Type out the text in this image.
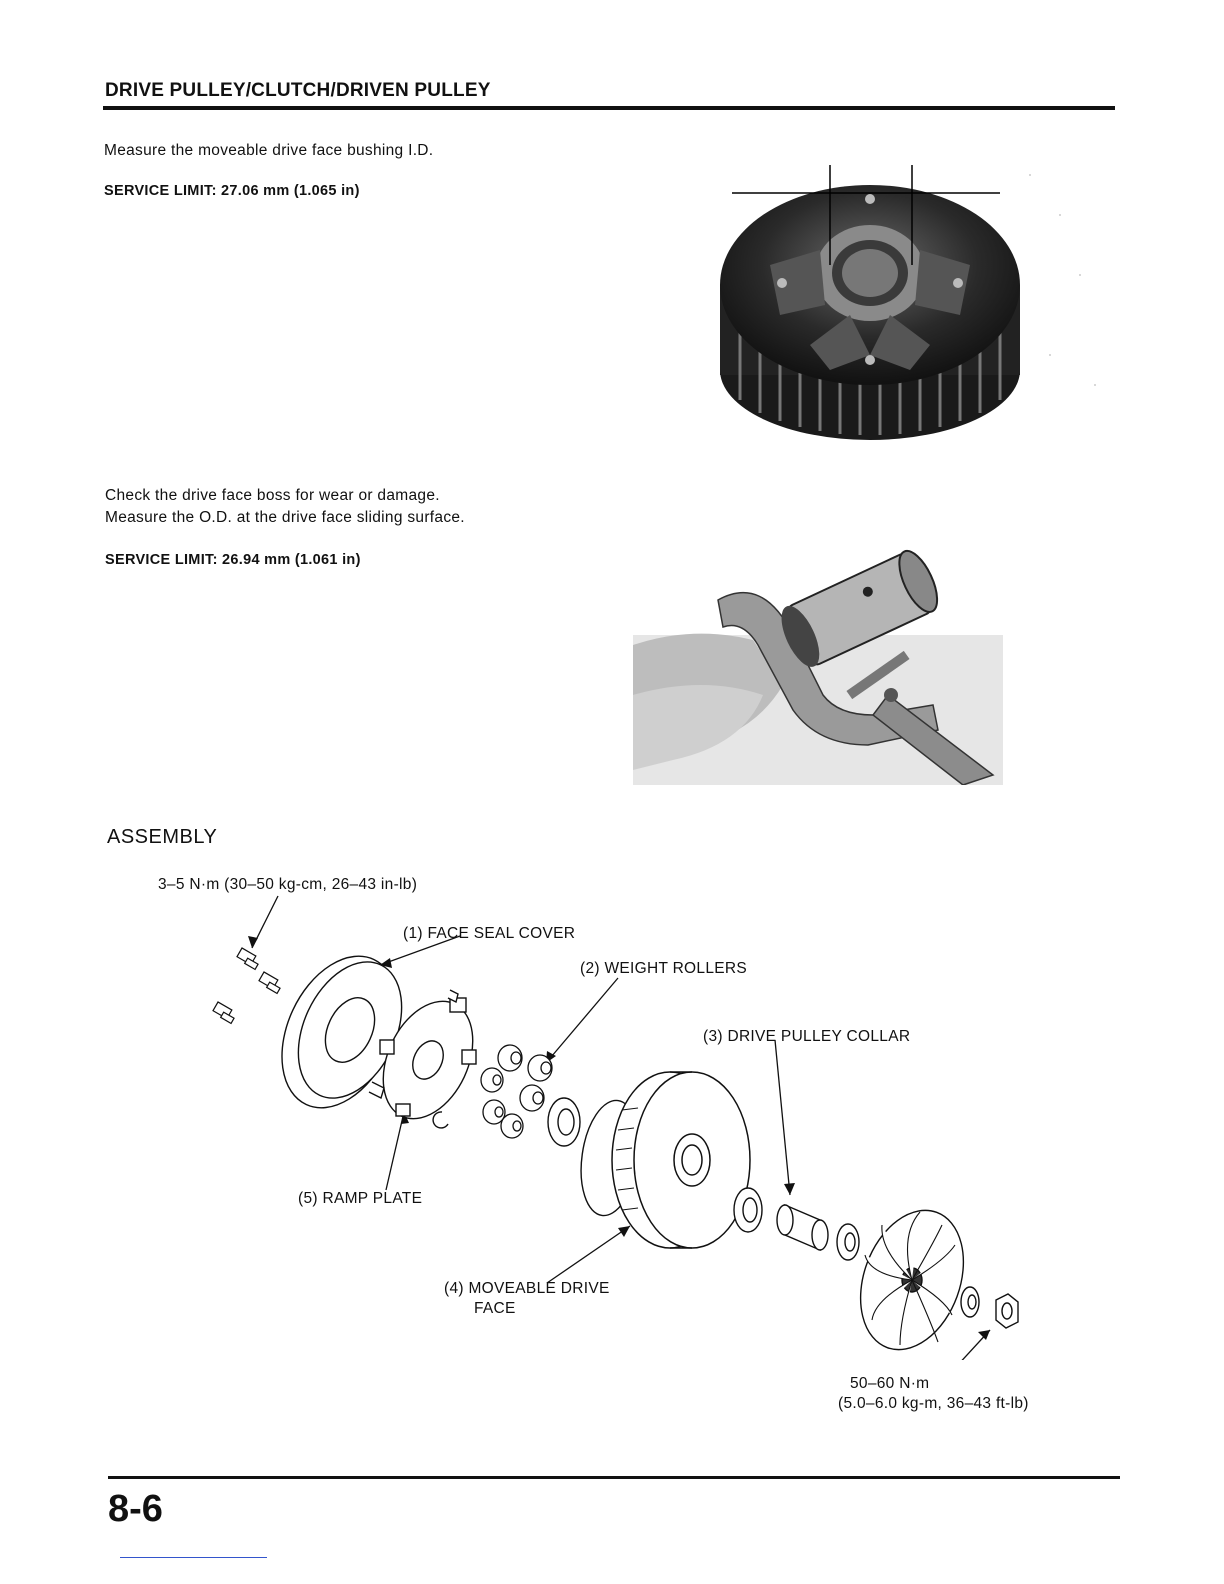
DRIVE PULLEY/CLUTCH/DRIVEN PULLEY
Measure the moveable drive face bushing I.D.
SERVICE LIMIT: 27.06 mm (1.065 in)
Check the drive face boss for wear or damage.
Measure the O.D. at the drive face sliding surface.
SERVICE LIMIT: 26.94 mm (1.061 in)
ASSEMBLY
3–5 N·m (30–50 kg-cm, 26–43 in-lb)
(1) FACE SEAL COVER
(2) WEIGHT ROLLERS
(3) DRIVE PULLEY COLLAR
(5) RAMP PLATE
(4) MOVEABLE DRIVE
FACE
50–60 N·m
(5.0–6.0 kg-m, 36–43 ft-lb)
8-6
